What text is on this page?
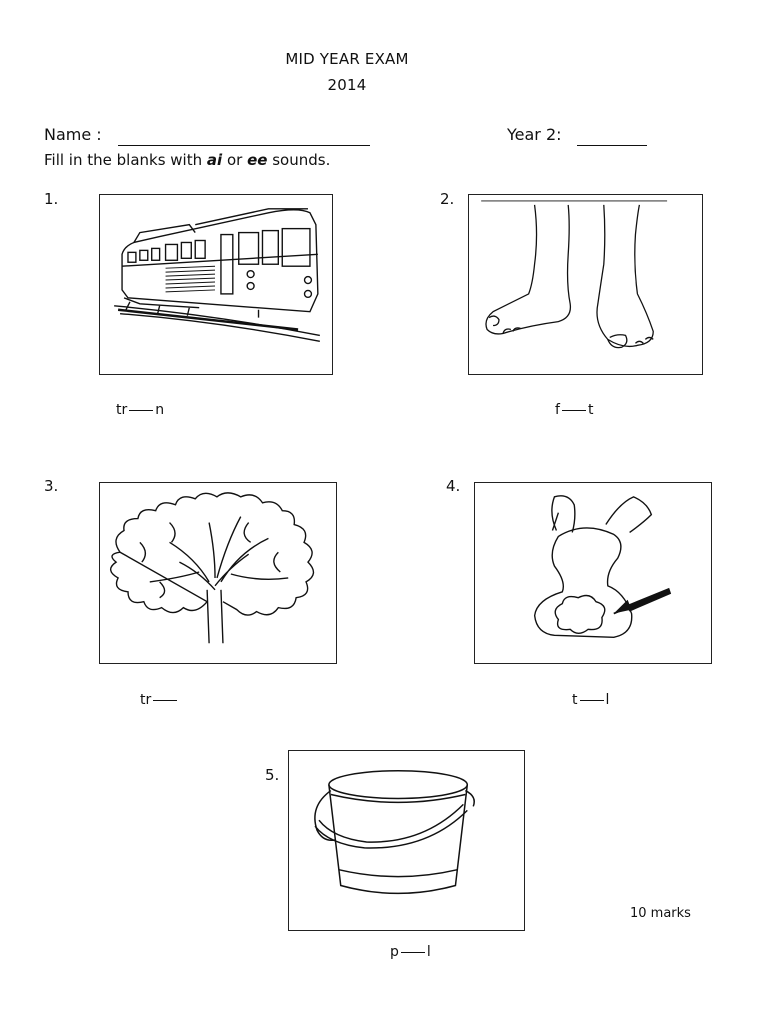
MID YEAR EXAM
2014
Name :	Year 2:
Fill in the blanks with ai or ee sounds.
1.
tr n
2.
f t
3.
tr
4.
t l
5.
p l
10 marks
